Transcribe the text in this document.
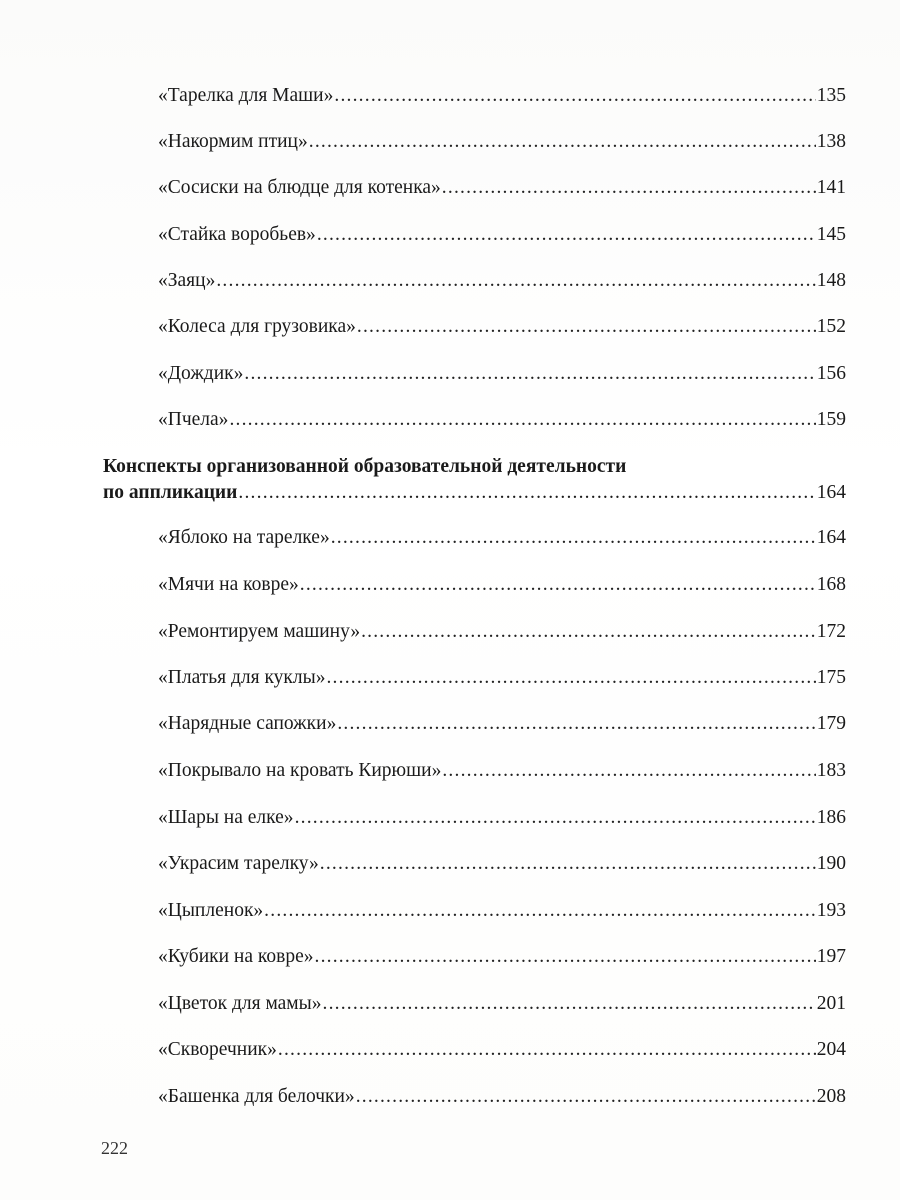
«Тарелка для Маши» .....	135
«Накормим птиц» .....	138
«Сосиски на блюдце для котенка» .....	141
«Стайка воробьев» .....	145
«Заяц» .....	148
«Колеса для грузовика» .....	152
«Дождик» .....	156
«Пчела» .....	159
Конспекты организованной образовательной деятельности
по аппликации .....	164
«Яблоко на тарелке» .....	164
«Мячи на ковре» .....	168
«Ремонтируем машину» .....	172
«Платья для куклы» .....	175
«Нарядные сапожки» .....	179
«Покрывало на кровать Кирюши» .....	183
«Шары на елке» .....	186
«Украсим тарелку» .....	190
«Цыпленок» .....	193
«Кубики на ковре» .....	197
«Цветок для мамы» .....	201
«Скворечник» .....	204
«Башенка для белочки» .....	208
222
